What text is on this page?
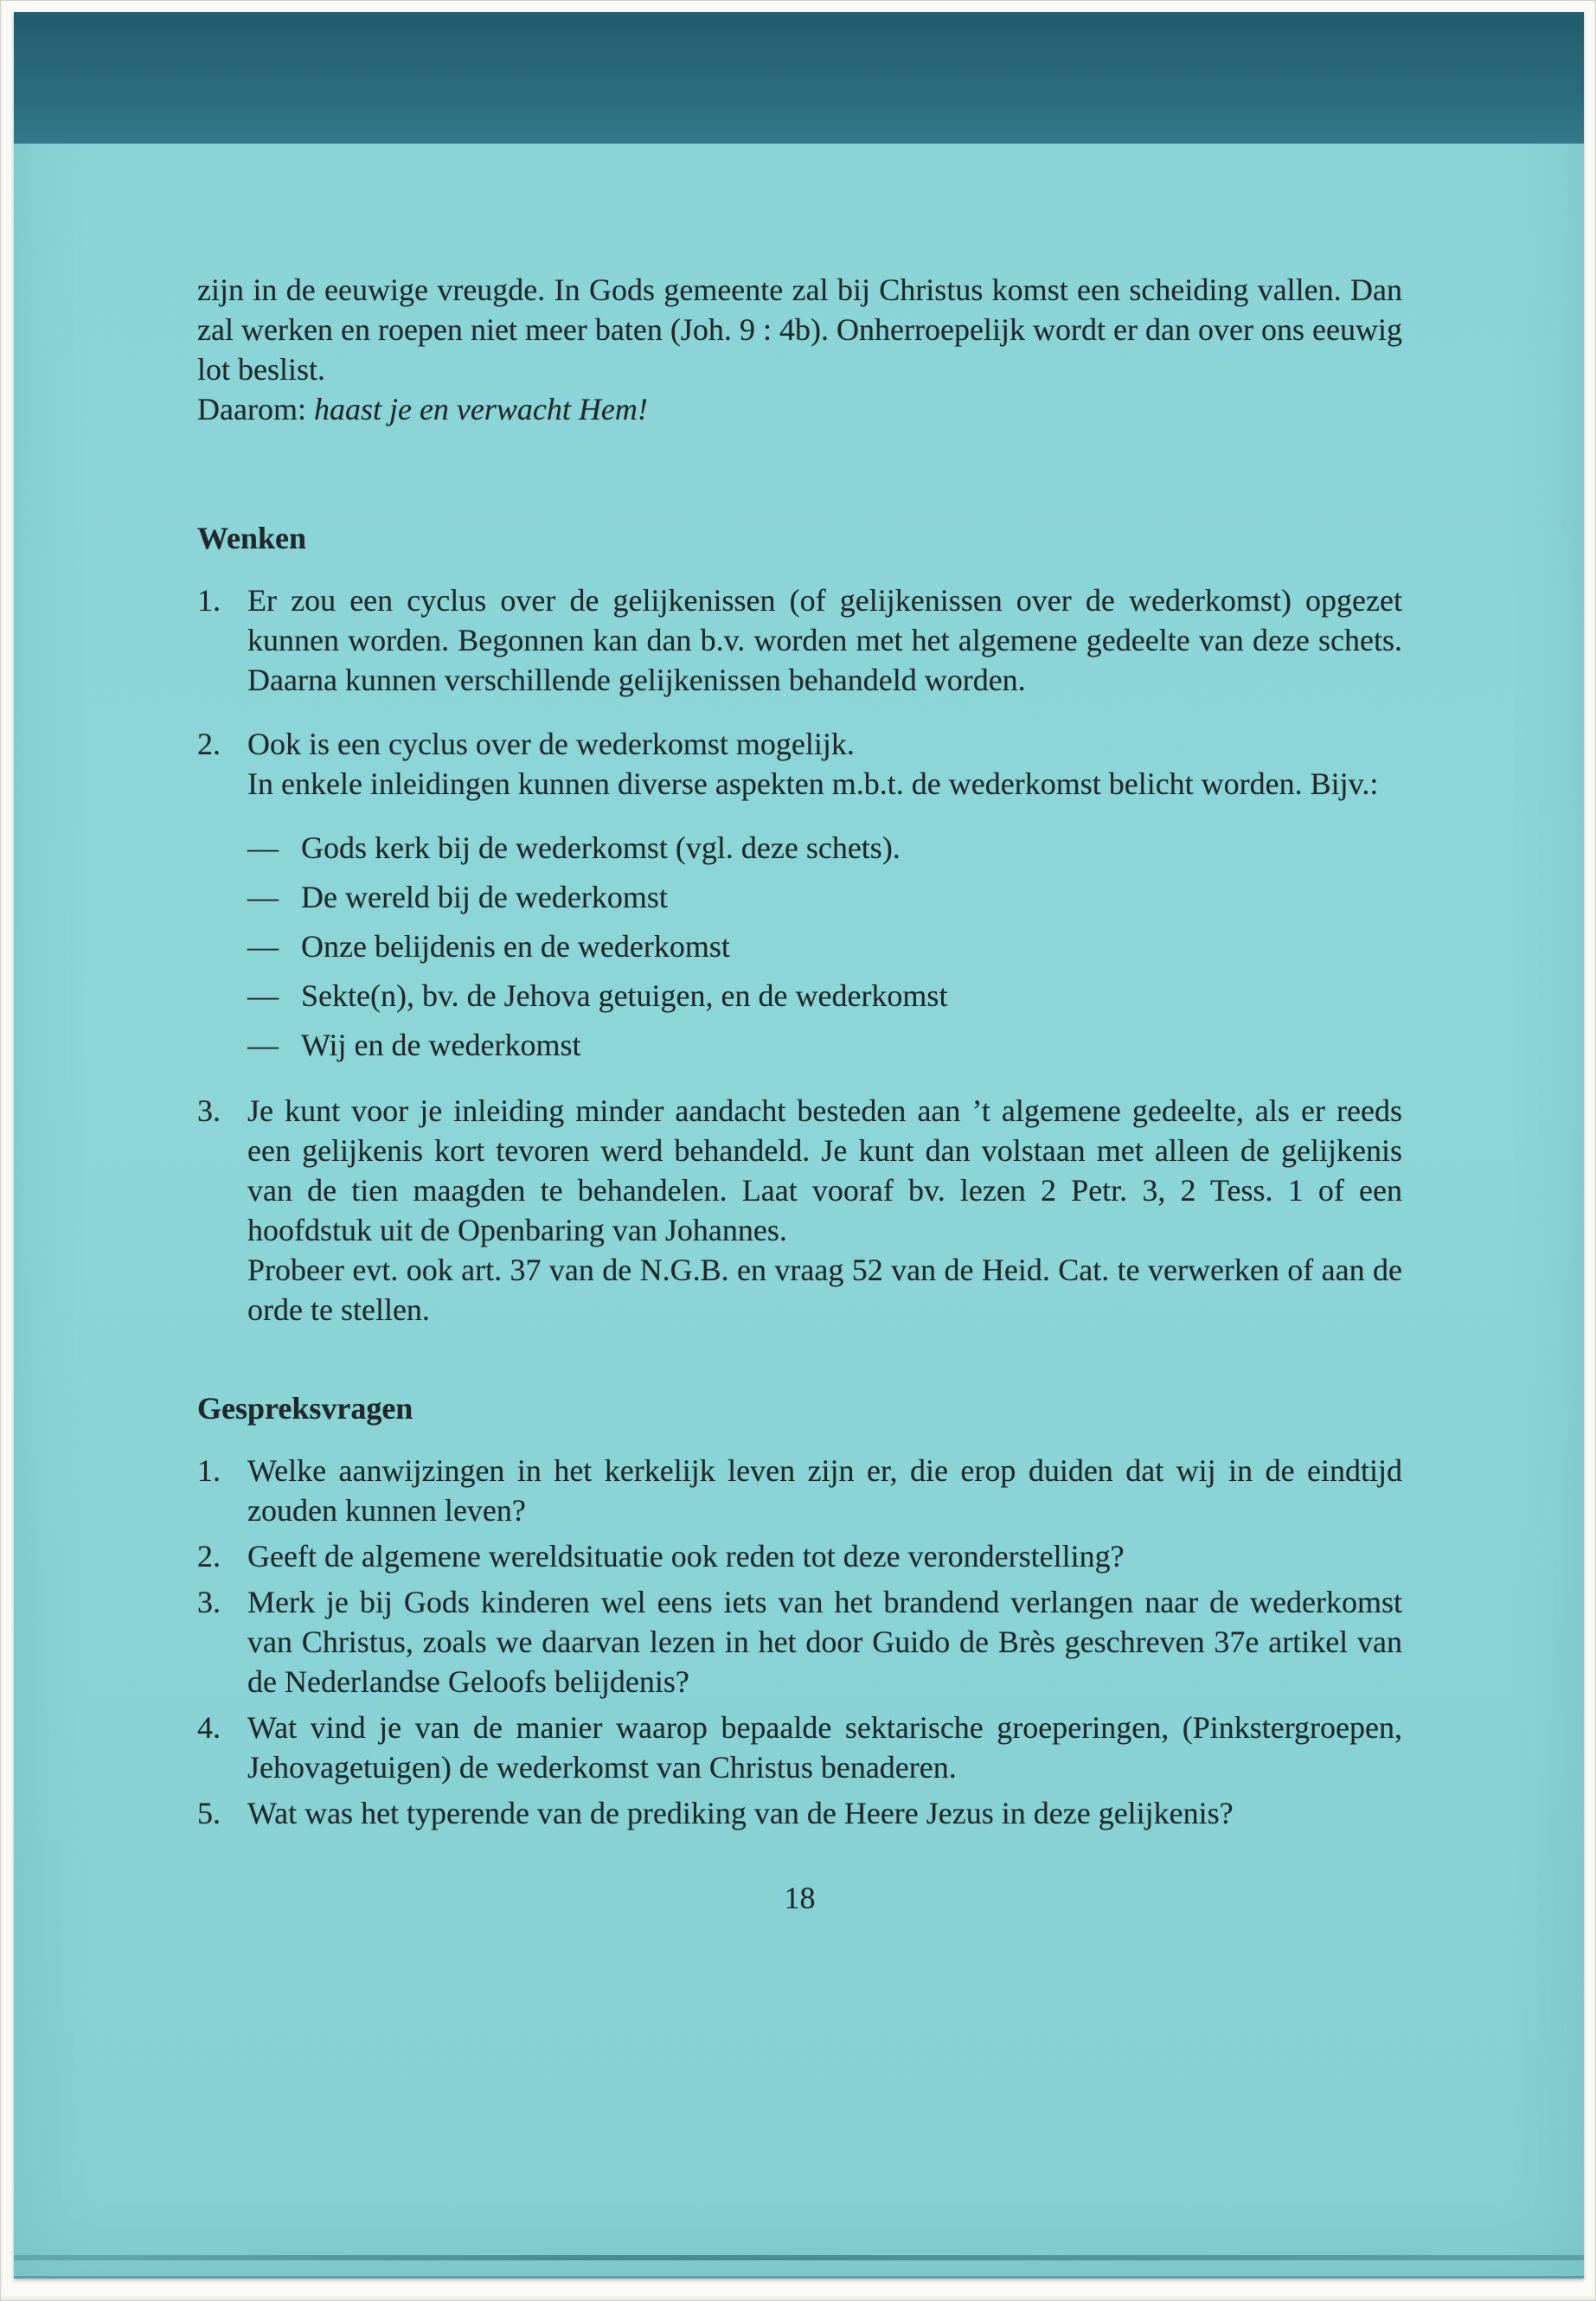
zijn in de eeuwige vreugde. In Gods gemeente zal bij Christus komst een scheiding vallen. Dan zal werken en roepen niet meer baten (Joh. 9 : 4b). Onherroepelijk wordt er dan over ons eeuwig lot beslist.
Daarom: haast je en verwacht Hem!

Wenken
1. Er zou een cyclus over de gelijkenissen (of gelijkenissen over de wederkomst) opgezet kunnen worden. Begonnen kan dan b.v. worden met het algemene gedeelte van deze schets. Daarna kunnen verschillende gelijkenissen behandeld worden.
2. Ook is een cyclus over de wederkomst mogelijk.
In enkele inleidingen kunnen diverse aspekten m.b.t. de wederkomst belicht worden. Bijv.:
— Gods kerk bij de wederkomst (vgl. deze schets).
— De wereld bij de wederkomst
— Onze belijdenis en de wederkomst
— Sekte(n), bv. de Jehova getuigen, en de wederkomst
— Wij en de wederkomst
3. Je kunt voor je inleiding minder aandacht besteden aan ’t algemene gedeelte, als er reeds een gelijkenis kort tevoren werd behandeld. Je kunt dan volstaan met alleen de gelijkenis van de tien maagden te behandelen. Laat vooraf bv. lezen 2 Petr. 3, 2 Tess. 1 of een hoofdstuk uit de Openbaring van Johannes.
Probeer evt. ook art. 37 van de N.G.B. en vraag 52 van de Heid. Cat. te verwerken of aan de orde te stellen.
Gespreksvragen
1. Welke aanwijzingen in het kerkelijk leven zijn er, die erop duiden dat wij in de eindtijd zouden kunnen leven?
2. Geeft de algemene wereldsituatie ook reden tot deze veronderstelling?
3. Merk je bij Gods kinderen wel eens iets van het brandend verlangen naar de wederkomst van Christus, zoals we daarvan lezen in het door Guido de Brès geschreven 37e artikel van de Nederlandse Geloofs belijdenis?
4. Wat vind je van de manier waarop bepaalde sektarische groeperingen, (Pinkstergroepen, Jehovagetuigen) de wederkomst van Christus benaderen.
5. Wat was het typerende van de prediking van de Heere Jezus in deze gelijkenis?
18
